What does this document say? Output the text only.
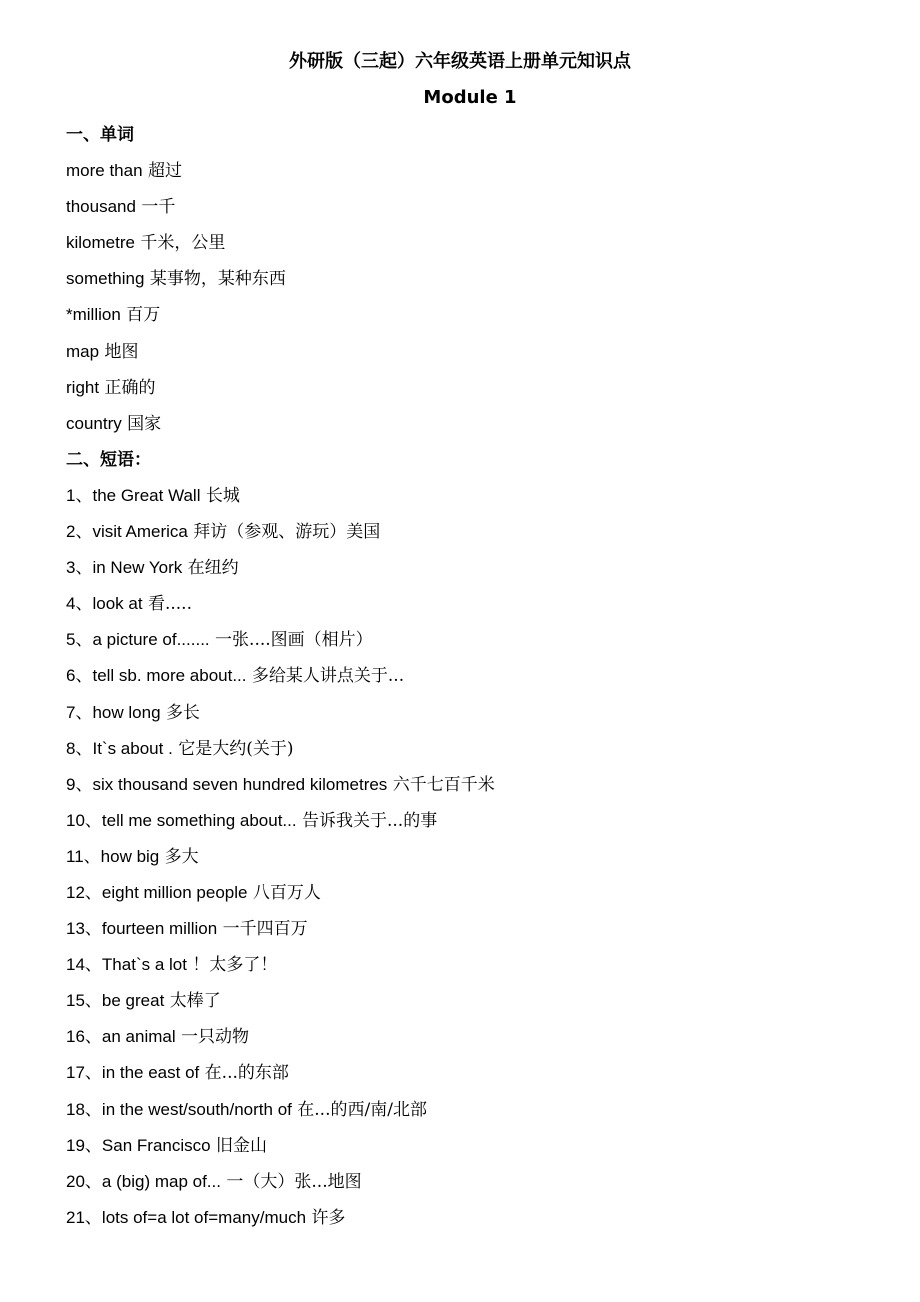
外研版（三起）六年级英语上册单元知识点
Module 1
一、单词
more than 超过
thousand 一千
kilometre 千米，公里
something 某事物，某种东西
*million 百万
map 地图
right 正确的
country 国家
二、短语：
1、the Great Wall 长城
2、visit America 拜访（参观、游玩）美国
3、in New York 在纽约
4、look at 看.....
5、a picture of....... 一张....图画（相片）
6、tell sb. more about... 多给某人讲点关于...
7、how long 多长
8、It`s about . 它是大约(关于)
9、six thousand seven hundred kilometres 六千七百千米
10、tell me something about... 告诉我关于...的事
11、how big 多大
12、eight million people 八百万人
13、fourteen million 一千四百万
14、That`s a lot ！太多了！
15、be great 太棒了
16、an animal 一只动物
17、in the east of 在...的东部
18、in the west/south/north of 在...的西/南/北部
19、San Francisco 旧金山
20、a (big) map of... 一（大）张...地图
21、lots of=a lot of=many/much 许多
